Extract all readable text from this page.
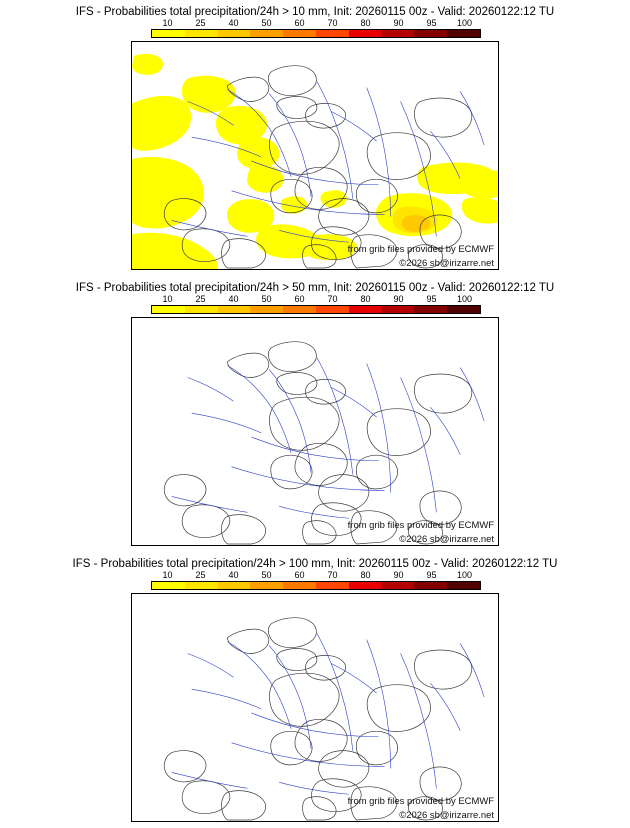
IFS - Probabilities total precipitation/24h > 10 mm, Init: 20260115 00z - Valid: 20260122:12 TU
10	25	40	50	60	70	80	90	95 100
from grib files provided by ECMWF
©2026 sb@irizarre.net
IFS - Probabilities total precipitation/24h > 50 mm, Init: 20260115 00z - Valid: 20260122:12 TU
10	25	40	50	60	70	80	90	95 100
from grib files provided by ECMWF
©2026 sb@irizarre.net
IFS - Probabilities total precipitation/24h > 100 mm, Init: 20260115 00z - Valid: 20260122:12 TU
10	25	40	50	60	70	80	90	95 100
from grib files provided by ECMWF
©2026 sb@irizarre.net
